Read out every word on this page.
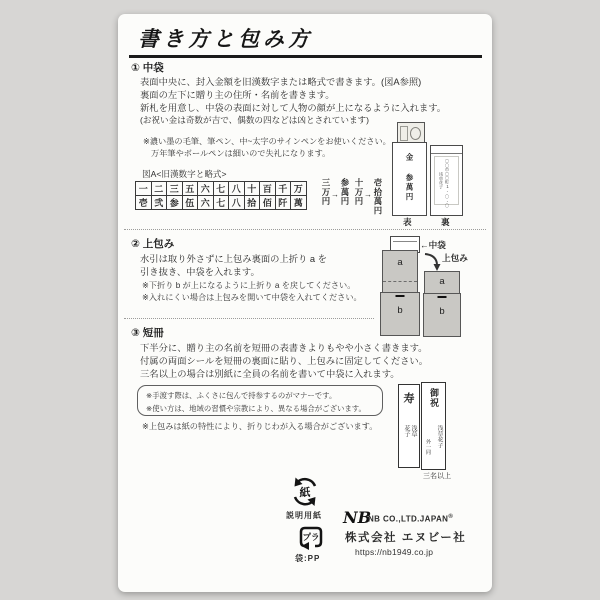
書き方と包み方
① 中袋
表面中央に、封入金額を旧漢数字または略式で書きます。(図A参照)
裏面の左下に贈り主の住所・名前を書きます。
新札を用意し、中袋の表面に対して人物の顔が上になるように入れます。
(お祝い金は奇数が吉で、偶数の四などは凶とされています)
※濃い墨の毛筆、筆ペン、中~太字のサインペンをお使いください。
万年筆やボールペンは細いので失礼になります。
図A<旧漢数字と略式>
一	二	三	五	六	七	八	十	百	千	万
壱	弐	参	伍	六	七	八	拾	佰	阡	萬 三万円 → 参萬円 十万円 → 壱拾萬円	金 参萬円
表
〇〇市〇〇町1-〇-〇
浅草花子
裏
② 上包み
水引は取り外さずに上包み裏面の上折り a を
引き抜き、中袋を入れます。
※下折り b が上になるように上折り a を戻してください。
※入れにくい場合は上包みを開いて中袋を入れてください。
←中袋
a
b
上包み
a
b
③ 短冊
下半分に、贈り主の名前を短冊の表書きよりもやや小さく書きます。
付属の両面シールを短冊の裏面に貼り、上包みに固定してください。
三名以上の場合は別紙に全員の名前を書いて中袋に入れます。
※手渡す際は、ふくさに包んで持参するのがマナーです。
※使い方は、地域の習慣や宗教により、異なる場合がございます。
※上包みは紙の特性により、折りじわが入る場合がございます。
寿
浅草花子
御祝
浅草花子
外一同
三名以上
紙
説明用紙
プラ
袋:PP
NB
NB CO.,LTD.JAPAN®
株式会社 エヌビー社
https://nb1949.co.jp
